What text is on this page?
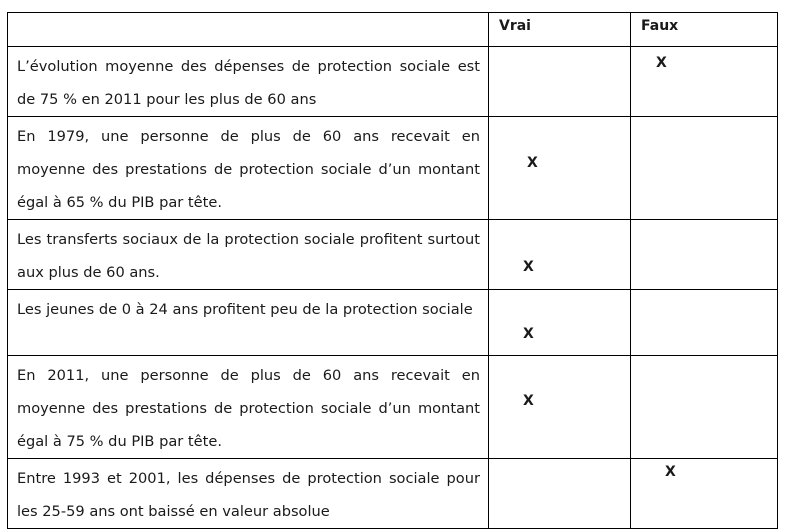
	Vrai	Faux
L’évolution moyenne des dépenses de protection sociale est de 75 % en 2011 pour les plus de 60 ans		X

En 1979, une personne de plus de 60 ans recevait en moyenne des prestations de protection sociale d’un montant égal à 65 % du PIB par tête.	X	

Les transferts sociaux de la protection sociale profitent surtout aux plus de 60 ans.	X	

Les jeunes de 0 à 24 ans profitent peu de la protection sociale	X	

En 2011, une personne de plus de 60 ans recevait en moyenne des prestations de protection sociale d’un montant égal à 75 % du PIB par tête.	X	

Entre 1993 et 2001, les dépenses de protection sociale pour les 25-59 ans ont baissé en valeur absolue		X
